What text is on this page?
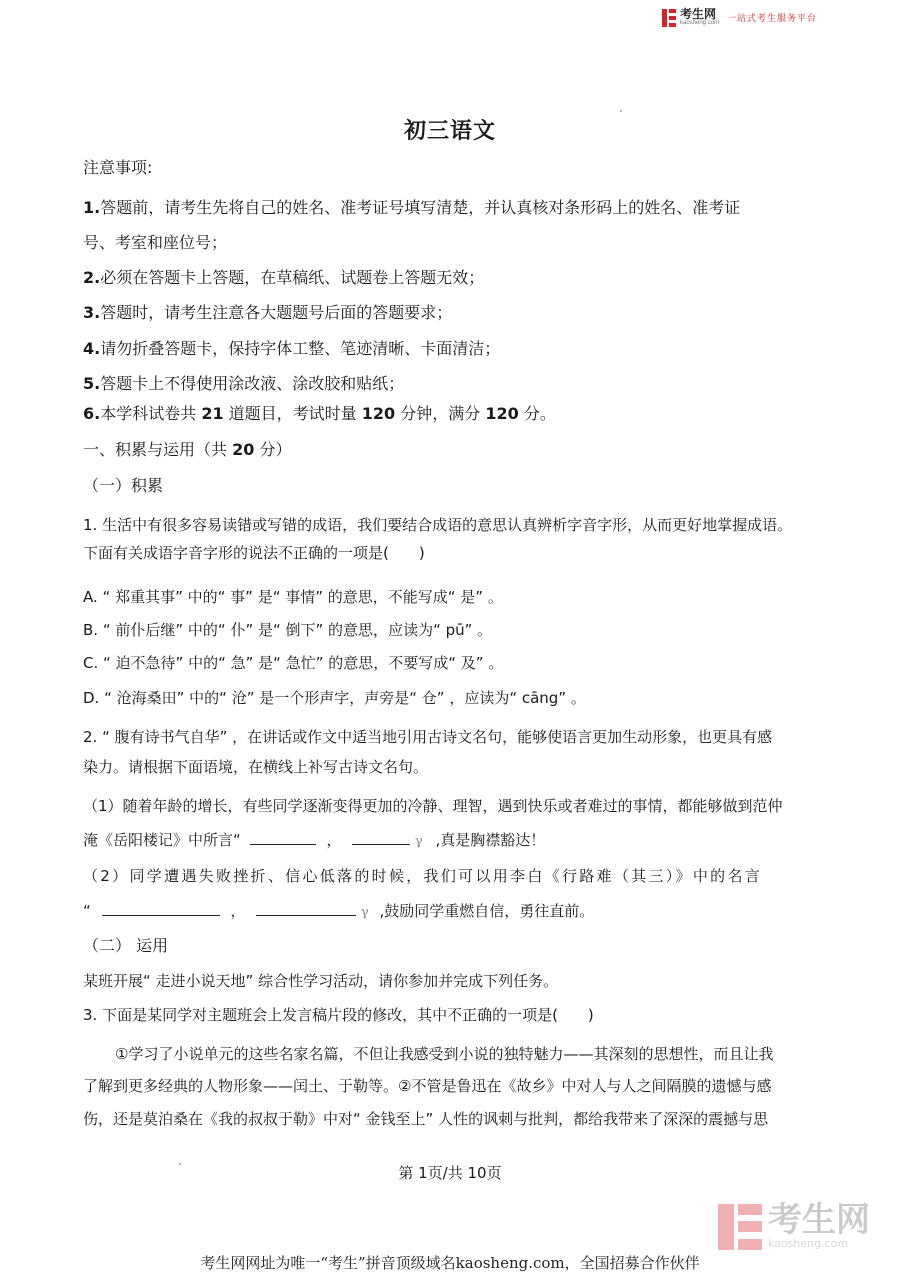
考生网
kaosheng.com 一站式考生服务平台
初三语文
注意事项:
1.答题前，请考生先将自己的姓名、准考证号填写清楚，并认真核对条形码上的姓名、准考证
号、考室和座位号；
2.必须在答题卡上答题，在草稿纸、试题卷上答题无效；
3.答题时，请考生注意各大题题号后面的答题要求；
4.请勿折叠答题卡，保持字体工整、笔迹清晰、卡面清洁；
5.答题卡上不得使用涂改液、涂改胶和贴纸；
6.本学科试卷共 21 道题目，考试时量 120 分钟，满分 120 分。
一、积累与运用（共 20 分）
（一）积累
1. 生活中有很多容易读错或写错的成语，我们要结合成语的意思认真辨析字音字形，从而更好地掌握成语。
下面有关成语字音字形的说法不正确的一项是(　　)
A. “ 郑重其事” 中的“ 事” 是“ 事情” 的意思，不能写成“ 是” 。
B. “ 前仆后继” 中的“ 仆” 是“ 倒下” 的意思，应读为“ pū” 。
C. “ 迫不急待” 中的“ 急” 是“ 急忙” 的意思，不要写成“ 及” 。
D. “ 沧海桑田” 中的“ 沧” 是一个形声字，声旁是“ 仓” ，应读为“ cāng” 。
2. “ 腹有诗书气自华” ，在讲话或作文中适当地引用古诗文名句，能够使语言更加生动形象，也更具有感
染力。请根据下面语境，在横线上补写古诗文名句。
（1）随着年龄的增长，有些同学逐渐变得更加的冷静、理智，遇到快乐或者难过的事情，都能够做到范仲
淹《岳阳楼记》中所言“	，	γ ,真是胸襟豁达！
（2）同学遭遇失败挫折、信心低落的时候，我们可以用李白《行路难（其三）》中的名言
“	，	γ ,鼓励同学重燃自信，勇往直前。
（二） 运用
某班开展“ 走进小说天地” 综合性学习活动，请你参加并完成下列任务。
3. 下面是某同学对主题班会上发言稿片段的修改，其中不正确的一项是(　　)
①学习了小说单元的这些名家名篇，不但让我感受到小说的独特魅力——其深刻的思想性，而且让我
了解到更多经典的人物形象——闰土、于勒等。②不管是鲁迅在《故乡》中对人与人之间隔膜的遗憾与感
伤，还是莫泊桑在《我的叔叔于勒》中对“ 金钱至上” 人性的讽刺与批判，都给我带来了深深的震撼与思
第 1页/共 10页
考生网
kaosheng.com
考生网网址为唯一“考生”拼音顶级域名kaosheng.com，全国招募合作伙伴
